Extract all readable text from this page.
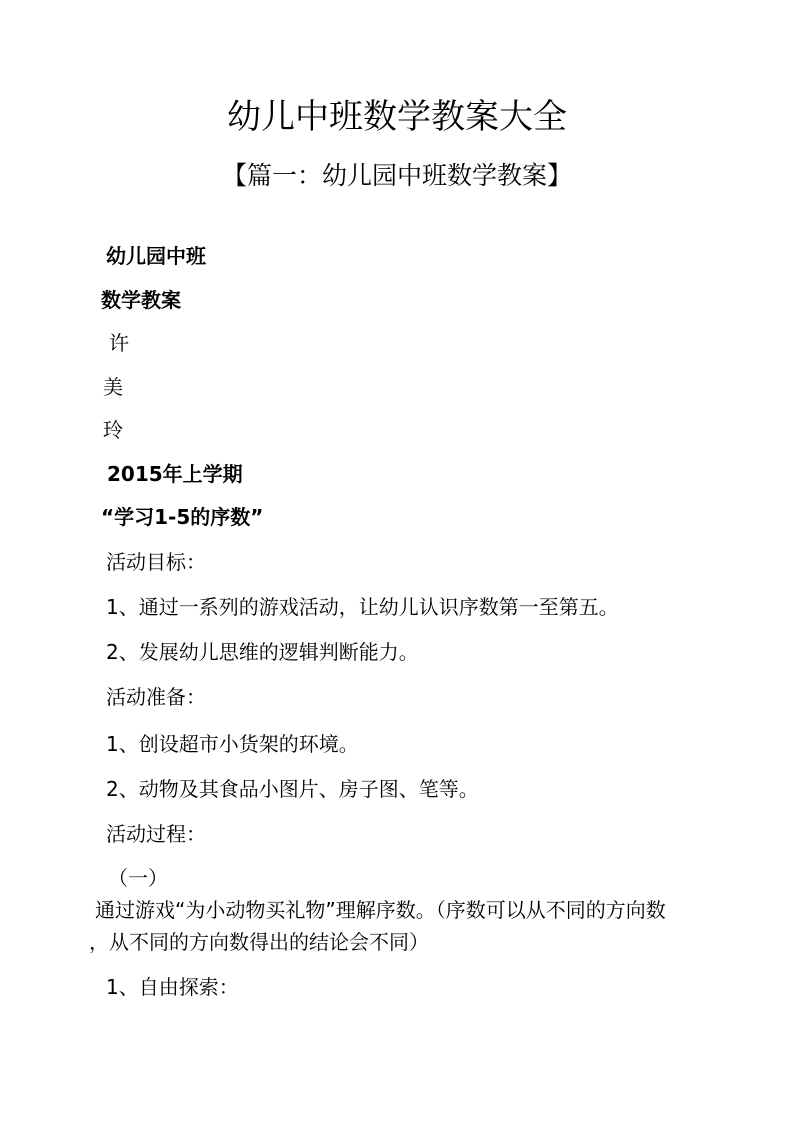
幼儿中班数学教案大全
【篇一：幼儿园中班数学教案】
幼儿园中班
数学教案
许
美
玲
2015年上学期
“学习1-5的序数”
活动目标：
1、通过一系列的游戏活动，让幼儿认识序数第一至第五。
2、发展幼儿思维的逻辑判断能力。
活动准备：
1、创设超市小货架的环境。
2、动物及其食品小图片、房子图、笔等。
活动过程：
（一）
通过游戏“为小动物买礼物”理解序数。（序数可以从不同的方向数
，从不同的方向数得出的结论会不同）
1、自由探索：
